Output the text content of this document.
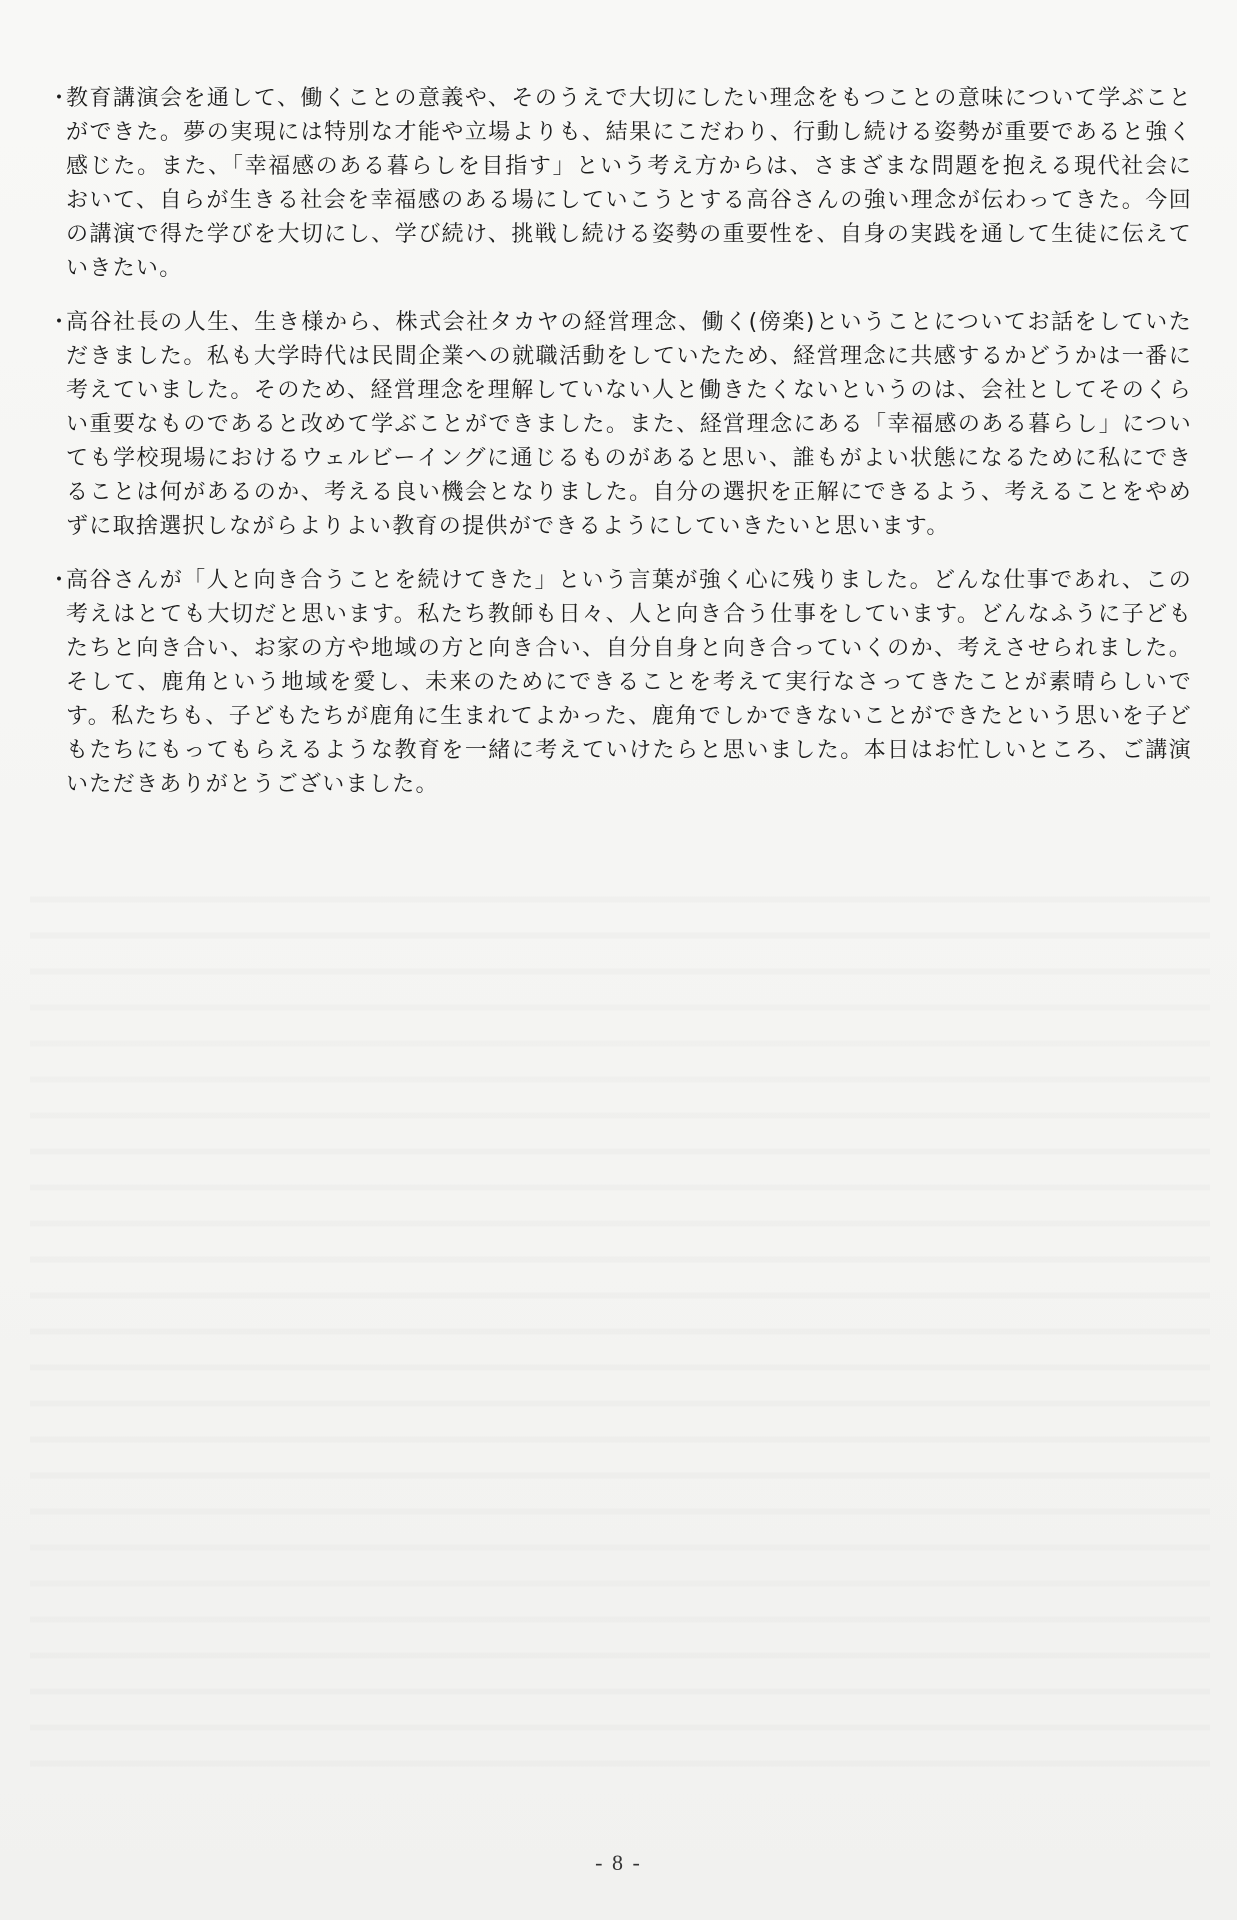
・
教育講演会を通して、働くことの意義や、そのうえで大切にしたい理念をもつことの意味について学ぶことができた。夢の実現には特別な才能や立場よりも、結果にこだわり、行動し続ける姿勢が重要であると強く感じた。また、「幸福感のある暮らしを目指す」という考え方からは、さまざまな問題を抱える現代社会において、自らが生きる社会を幸福感のある場にしていこうとする高谷さんの強い理念が伝わってきた。今回の講演で得た学びを大切にし、学び続け、挑戦し続ける姿勢の重要性を、自身の実践を通して生徒に伝えていきたい。
・
高谷社長の人生、生き様から、株式会社タカヤの経営理念、働く(傍楽)ということについてお話をしていただきました。私も大学時代は民間企業への就職活動をしていたため、経営理念に共感するかどうかは一番に考えていました。そのため、経営理念を理解していない人と働きたくないというのは、会社としてそのくらい重要なものであると改めて学ぶことができました。また、経営理念にある「幸福感のある暮らし」についても学校現場におけるウェルビーイングに通じるものがあると思い、誰もがよい状態になるために私にできることは何があるのか、考える良い機会となりました。自分の選択を正解にできるよう、考えることをやめずに取捨選択しながらよりよい教育の提供ができるようにしていきたいと思います。
・
高谷さんが「人と向き合うことを続けてきた」という言葉が強く心に残りました。どんな仕事であれ、この考えはとても大切だと思います。私たち教師も日々、人と向き合う仕事をしています。どんなふうに子どもたちと向き合い、お家の方や地域の方と向き合い、自分自身と向き合っていくのか、考えさせられました。そして、鹿角という地域を愛し、未来のためにできることを考えて実行なさってきたことが素晴らしいです。私たちも、子どもたちが鹿角に生まれてよかった、鹿角でしかできないことができたという思いを子どもたちにもってもらえるような教育を一緒に考えていけたらと思いました。本日はお忙しいところ、ご講演いただきありがとうございました。
- 8 -
